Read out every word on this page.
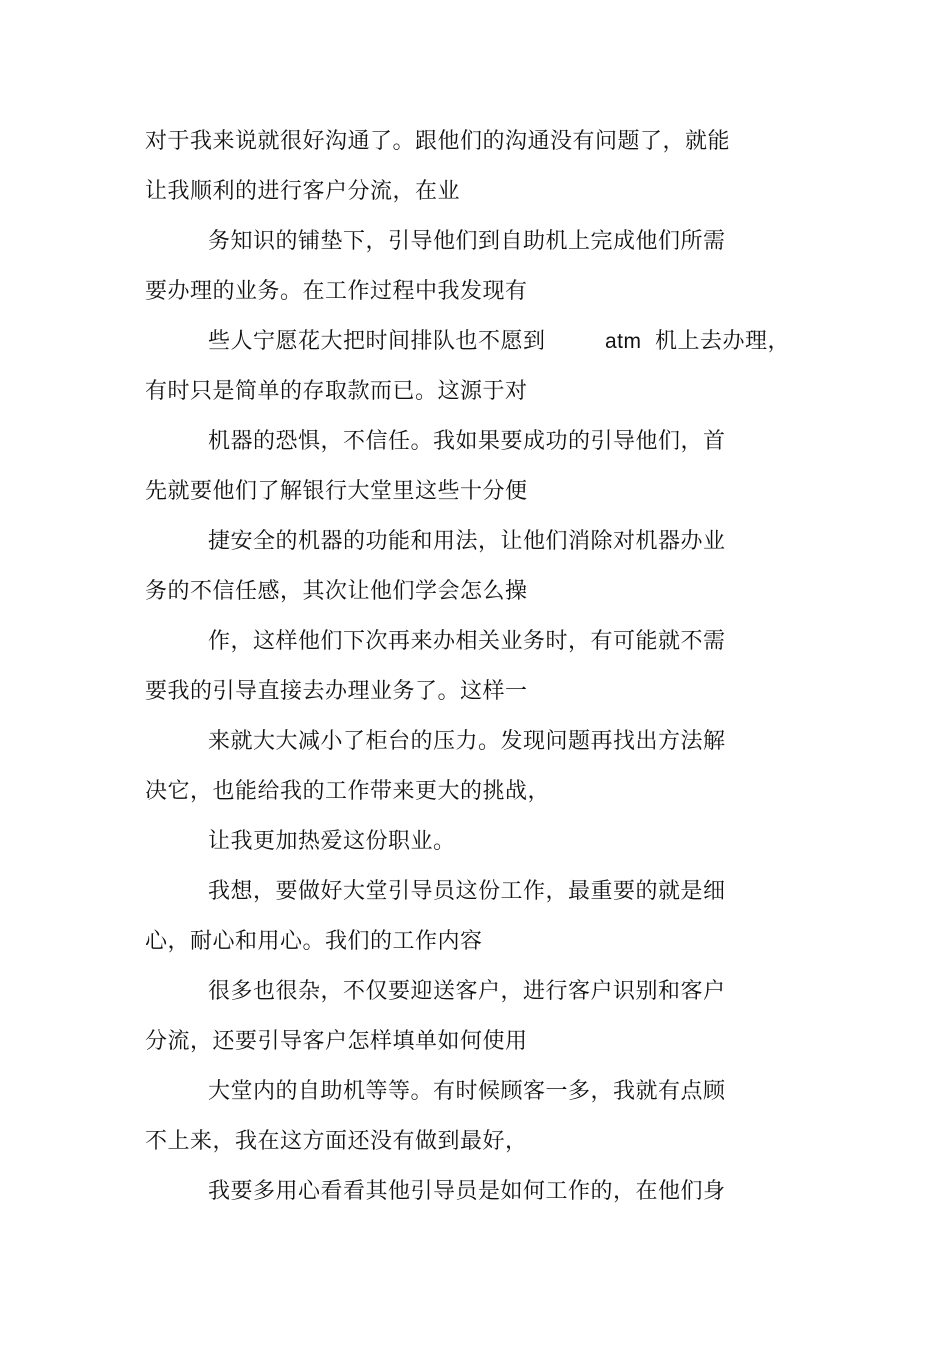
对于我来说就很好沟通了。跟他们的沟通没有问题了，就能
让我顺利的进行客户分流，在业
务知识的铺垫下，引导他们到自助机上完成他们所需
要办理的业务。在工作过程中我发现有
些人宁愿花大把时间排队也不愿到	atm 机上去办理，
有时只是简单的存取款而已。这源于对
机器的恐惧，不信任。我如果要成功的引导他们，首
先就要他们了解银行大堂里这些十分便
捷安全的机器的功能和用法，让他们消除对机器办业
务的不信任感，其次让他们学会怎么操
作，这样他们下次再来办相关业务时，有可能就不需
要我的引导直接去办理业务了。这样一
来就大大减小了柜台的压力。发现问题再找出方法解
决它，也能给我的工作带来更大的挑战，
让我更加热爱这份职业。
我想，要做好大堂引导员这份工作，最重要的就是细
心，耐心和用心。我们的工作内容
很多也很杂，不仅要迎送客户，进行客户识别和客户
分流，还要引导客户怎样填单如何使用
大堂内的自助机等等。有时候顾客一多，我就有点顾
不上来，我在这方面还没有做到最好，
我要多用心看看其他引导员是如何工作的，在他们身
